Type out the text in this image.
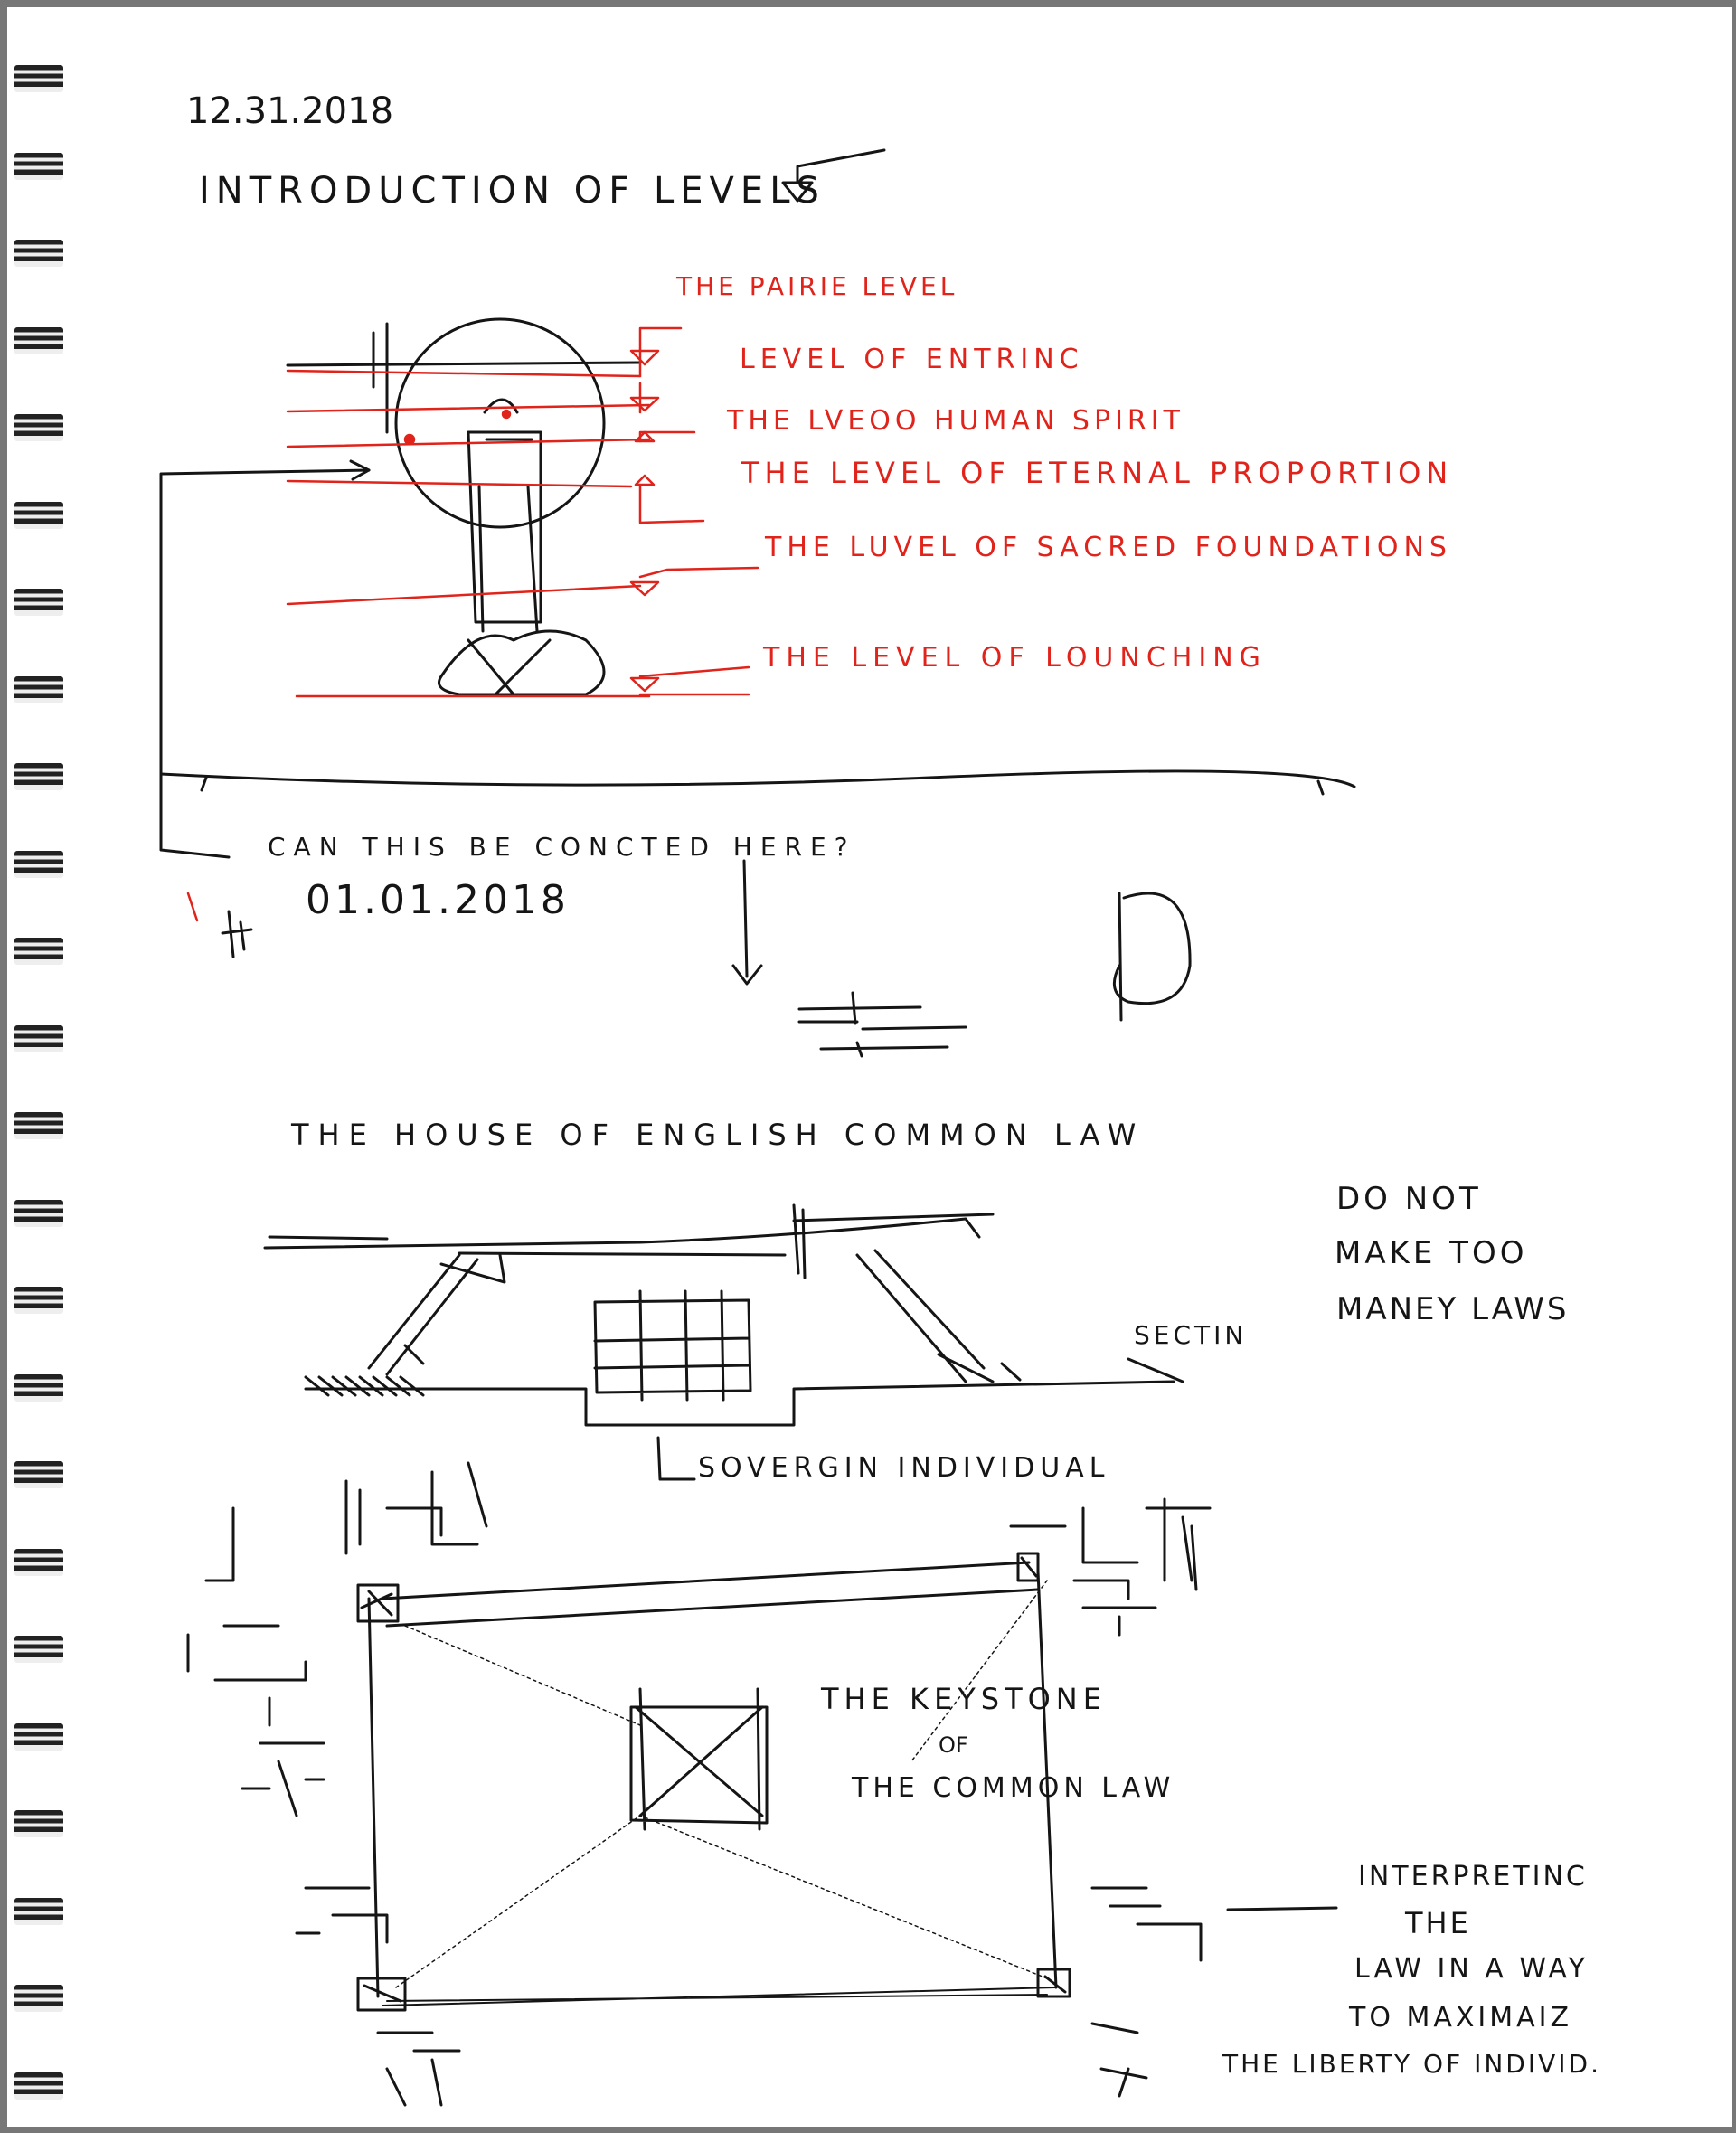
12.31.2018
INTRODUCTION OF LEVELS
THE PAIRIE LEVEL
LEVEL OF ENTRINC
THE LVEOO HUMAN SPIRIT
THE LEVEL OF ETERNAL PROPORTION
THE LUVEL OF SACRED FOUNDATIONS
THE LEVEL OF LOUNCHING
CAN THIS BE CONCTED HERE?
01.01.2018
THE HOUSE OF ENGLISH COMMON LAW
DO NOT
MAKE TOO
MANEY LAWS
SECTIN
SOVERGIN INDIVIDUAL
THE KEYSTONE
OF
THE COMMON LAW
INTERPRETINC
THE
LAW IN A WAY
TO MAXIMAIZ
THE LIBERTY OF INDIVID.
